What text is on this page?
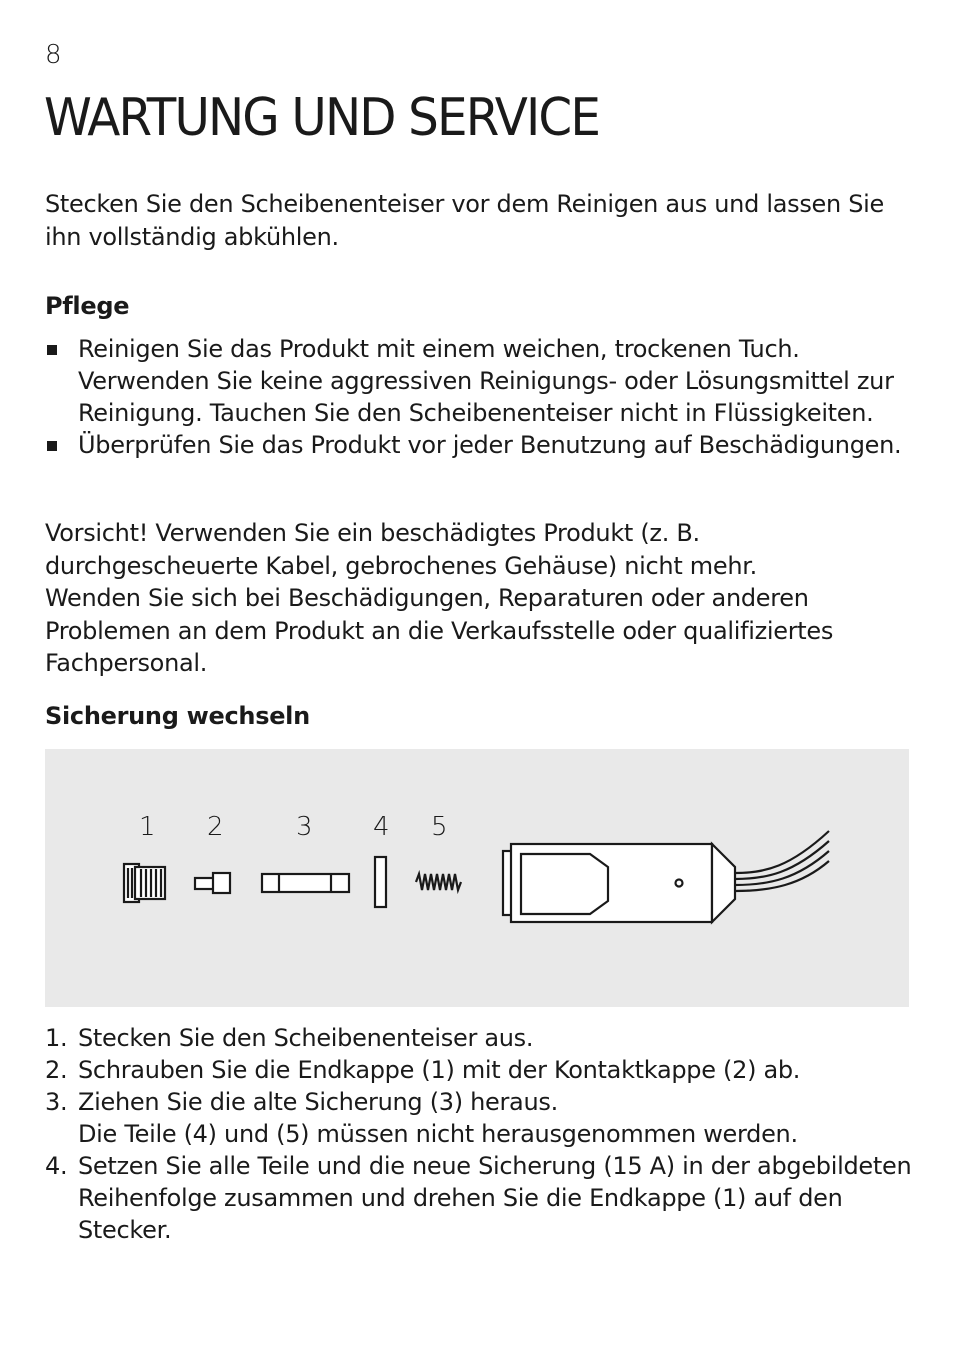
8
WARTUNG UND SERVICE

Stecken Sie den Scheibenenteiser vor dem Reinigen aus und lassen Sie ihn vollständig abkühlen.

Pflege
Reinigen Sie das Produkt mit einem weichen, trockenen Tuch. Verwenden Sie keine aggressiven Reinigungs- oder Lösungsmittel zur Reinigung. Tauchen Sie den Scheibenenteiser nicht in Flüssigkeiten.
Überprüfen Sie das Produkt vor jeder Benutzung auf Beschädigungen.
Vorsicht! Verwenden Sie ein beschädigtes Produkt (z. B. durchgescheuerte Kabel, gebrochenes Gehäuse) nicht mehr.
Wenden Sie sich bei Beschädigungen, Reparaturen oder anderen Problemen an dem Produkt an die Verkaufsstelle oder qualifiziertes Fachpersonal.
Sicherung wechseln
1 2	3 4 5
1. Stecken Sie den Scheibenenteiser aus.
2. Schrauben Sie die Endkappe (1) mit der Kontaktkappe (2) ab.
3. Ziehen Sie die alte Sicherung (3) heraus.
Die Teile (4) und (5) müssen nicht herausgenommen werden.
4. Setzen Sie alle Teile und die neue Sicherung (15 A) in der abgebildeten Reihenfolge zusammen und drehen Sie die Endkappe (1) auf den Stecker.
